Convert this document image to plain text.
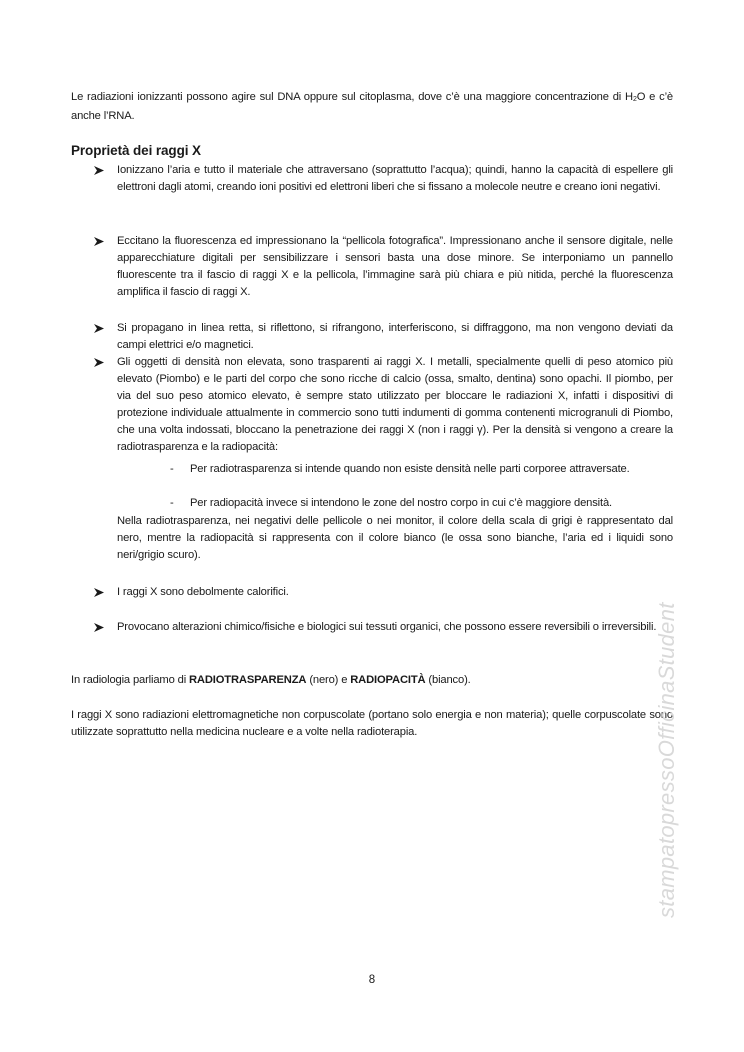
Le radiazioni ionizzanti possono agire sul DNA oppure sul citoplasma, dove c’è una maggiore concentrazione di H2O e c’è anche l’RNA.

Proprietà dei raggi X

Ionizzano l’aria e tutto il materiale che attraversano (soprattutto l’acqua); quindi, hanno la capacità di espellere gli elettroni dagli atomi, creando ioni positivi ed elettroni liberi che si fissano a molecole neutre e creano ioni negativi.

Eccitano la fluorescenza ed impressionano la “pellicola fotografica”. Impressionano anche il sensore digitale, nelle apparecchiature digitali per sensibilizzare i sensori basta una dose minore. Se interponiamo un pannello fluorescente tra il fascio di raggi X e la pellicola, l’immagine sarà più chiara e più nitida, perché la fluorescenza amplifica il fascio di raggi X.

Si propagano in linea retta, si riflettono, si rifrangono, interferiscono, si diffraggono, ma non vengono deviati da campi elettrici e/o magnetici.

Gli oggetti di densità non elevata, sono trasparenti ai raggi X. I metalli, specialmente quelli di peso atomico più elevato (Piombo) e le parti del corpo che sono ricche di calcio (ossa, smalto, dentina) sono opachi. Il piombo, per via del suo peso atomico elevato, è sempre stato utilizzato per bloccare le radiazioni X, infatti i dispositivi di protezione individuale attualmente in commercio sono tutti indumenti di gomma contenenti microgranuli di Piombo, che una volta indossati, bloccano la penetrazione dei raggi X (non i raggi γ). Per la densità si vengono a creare la radiotrasparenza e la radiopacità:

- Per radiotrasparenza si intende quando non esiste densità nelle parti corporee attraversate.

- Per radiopacità invece si intendono le zone del nostro corpo in cui c’è maggiore densità.

Nella radiotrasparenza, nei negativi delle pellicole o nei monitor, il colore della scala di grigi è rappresentato dal nero, mentre la radiopacità si rappresenta con il colore bianco (le ossa sono bianche, l’aria ed i liquidi sono neri/grigio scuro).

I raggi X sono debolmente calorifici.

Provocano alterazioni chimico/fisiche e biologici sui tessuti organici, che possono essere reversibili o irreversibili.

In radiologia parliamo di RADIOTRASPARENZA (nero) e RADIOPACITÀ (bianco).

I raggi X sono radiazioni elettromagnetiche non corpuscolate (portano solo energia e non materia); quelle corpuscolate sono utilizzate soprattutto nella medicina nucleare e a volte nella radioterapia.	stampatopressoOfficinaStudent
8
